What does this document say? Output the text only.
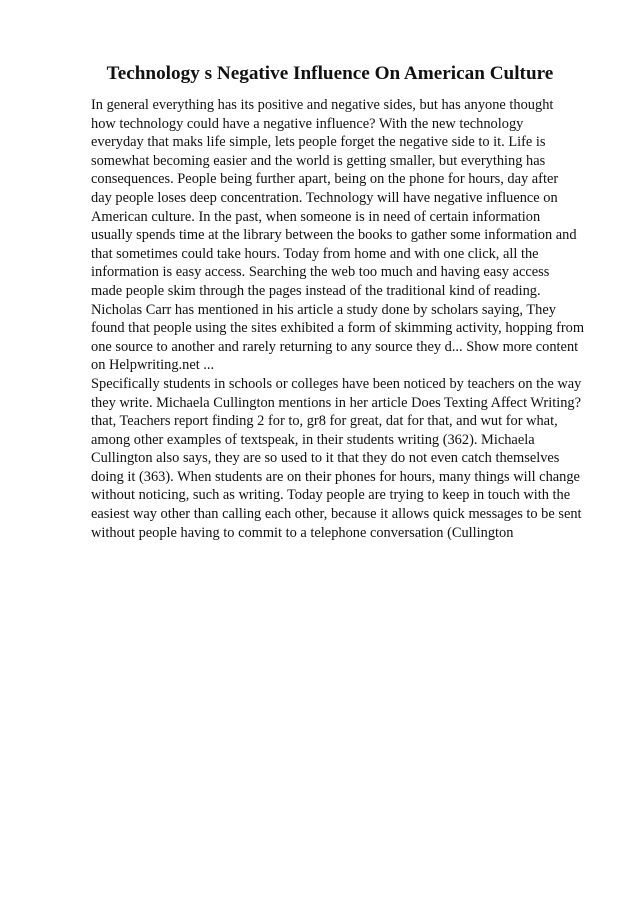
Technology s Negative Influence On American Culture
In general everything has its positive and negative sides, but has anyone thought
how technology could have a negative influence? With the new technology
everyday that maks life simple, lets people forget the negative side to it. Life is
somewhat becoming easier and the world is getting smaller, but everything has
consequences. People being further apart, being on the phone for hours, day after
day people loses deep concentration. Technology will have negative influence on
American culture. In the past, when someone is in need of certain information
usually spends time at the library between the books to gather some information and
that sometimes could take hours. Today from home and with one click, all the
information is easy access. Searching the web too much and having easy access
made people skim through the pages instead of the traditional kind of reading.
Nicholas Carr has mentioned in his article a study done by scholars saying, They
found that people using the sites exhibited a form of skimming activity, hopping from
one source to another and rarely returning to any source they d... Show more content
on Helpwriting.net ...
Specifically students in schools or colleges have been noticed by teachers on the way
they write. Michaela Cullington mentions in her article Does Texting Affect Writing?
that, Teachers report finding 2 for to, gr8 for great, dat for that, and wut for what,
among other examples of textspeak, in their students writing (362). Michaela
Cullington also says, they are so used to it that they do not even catch themselves
doing it (363). When students are on their phones for hours, many things will change
without noticing, such as writing. Today people are trying to keep in touch with the
easiest way other than calling each other, because it allows quick messages to be sent
without people having to commit to a telephone conversation (Cullington
